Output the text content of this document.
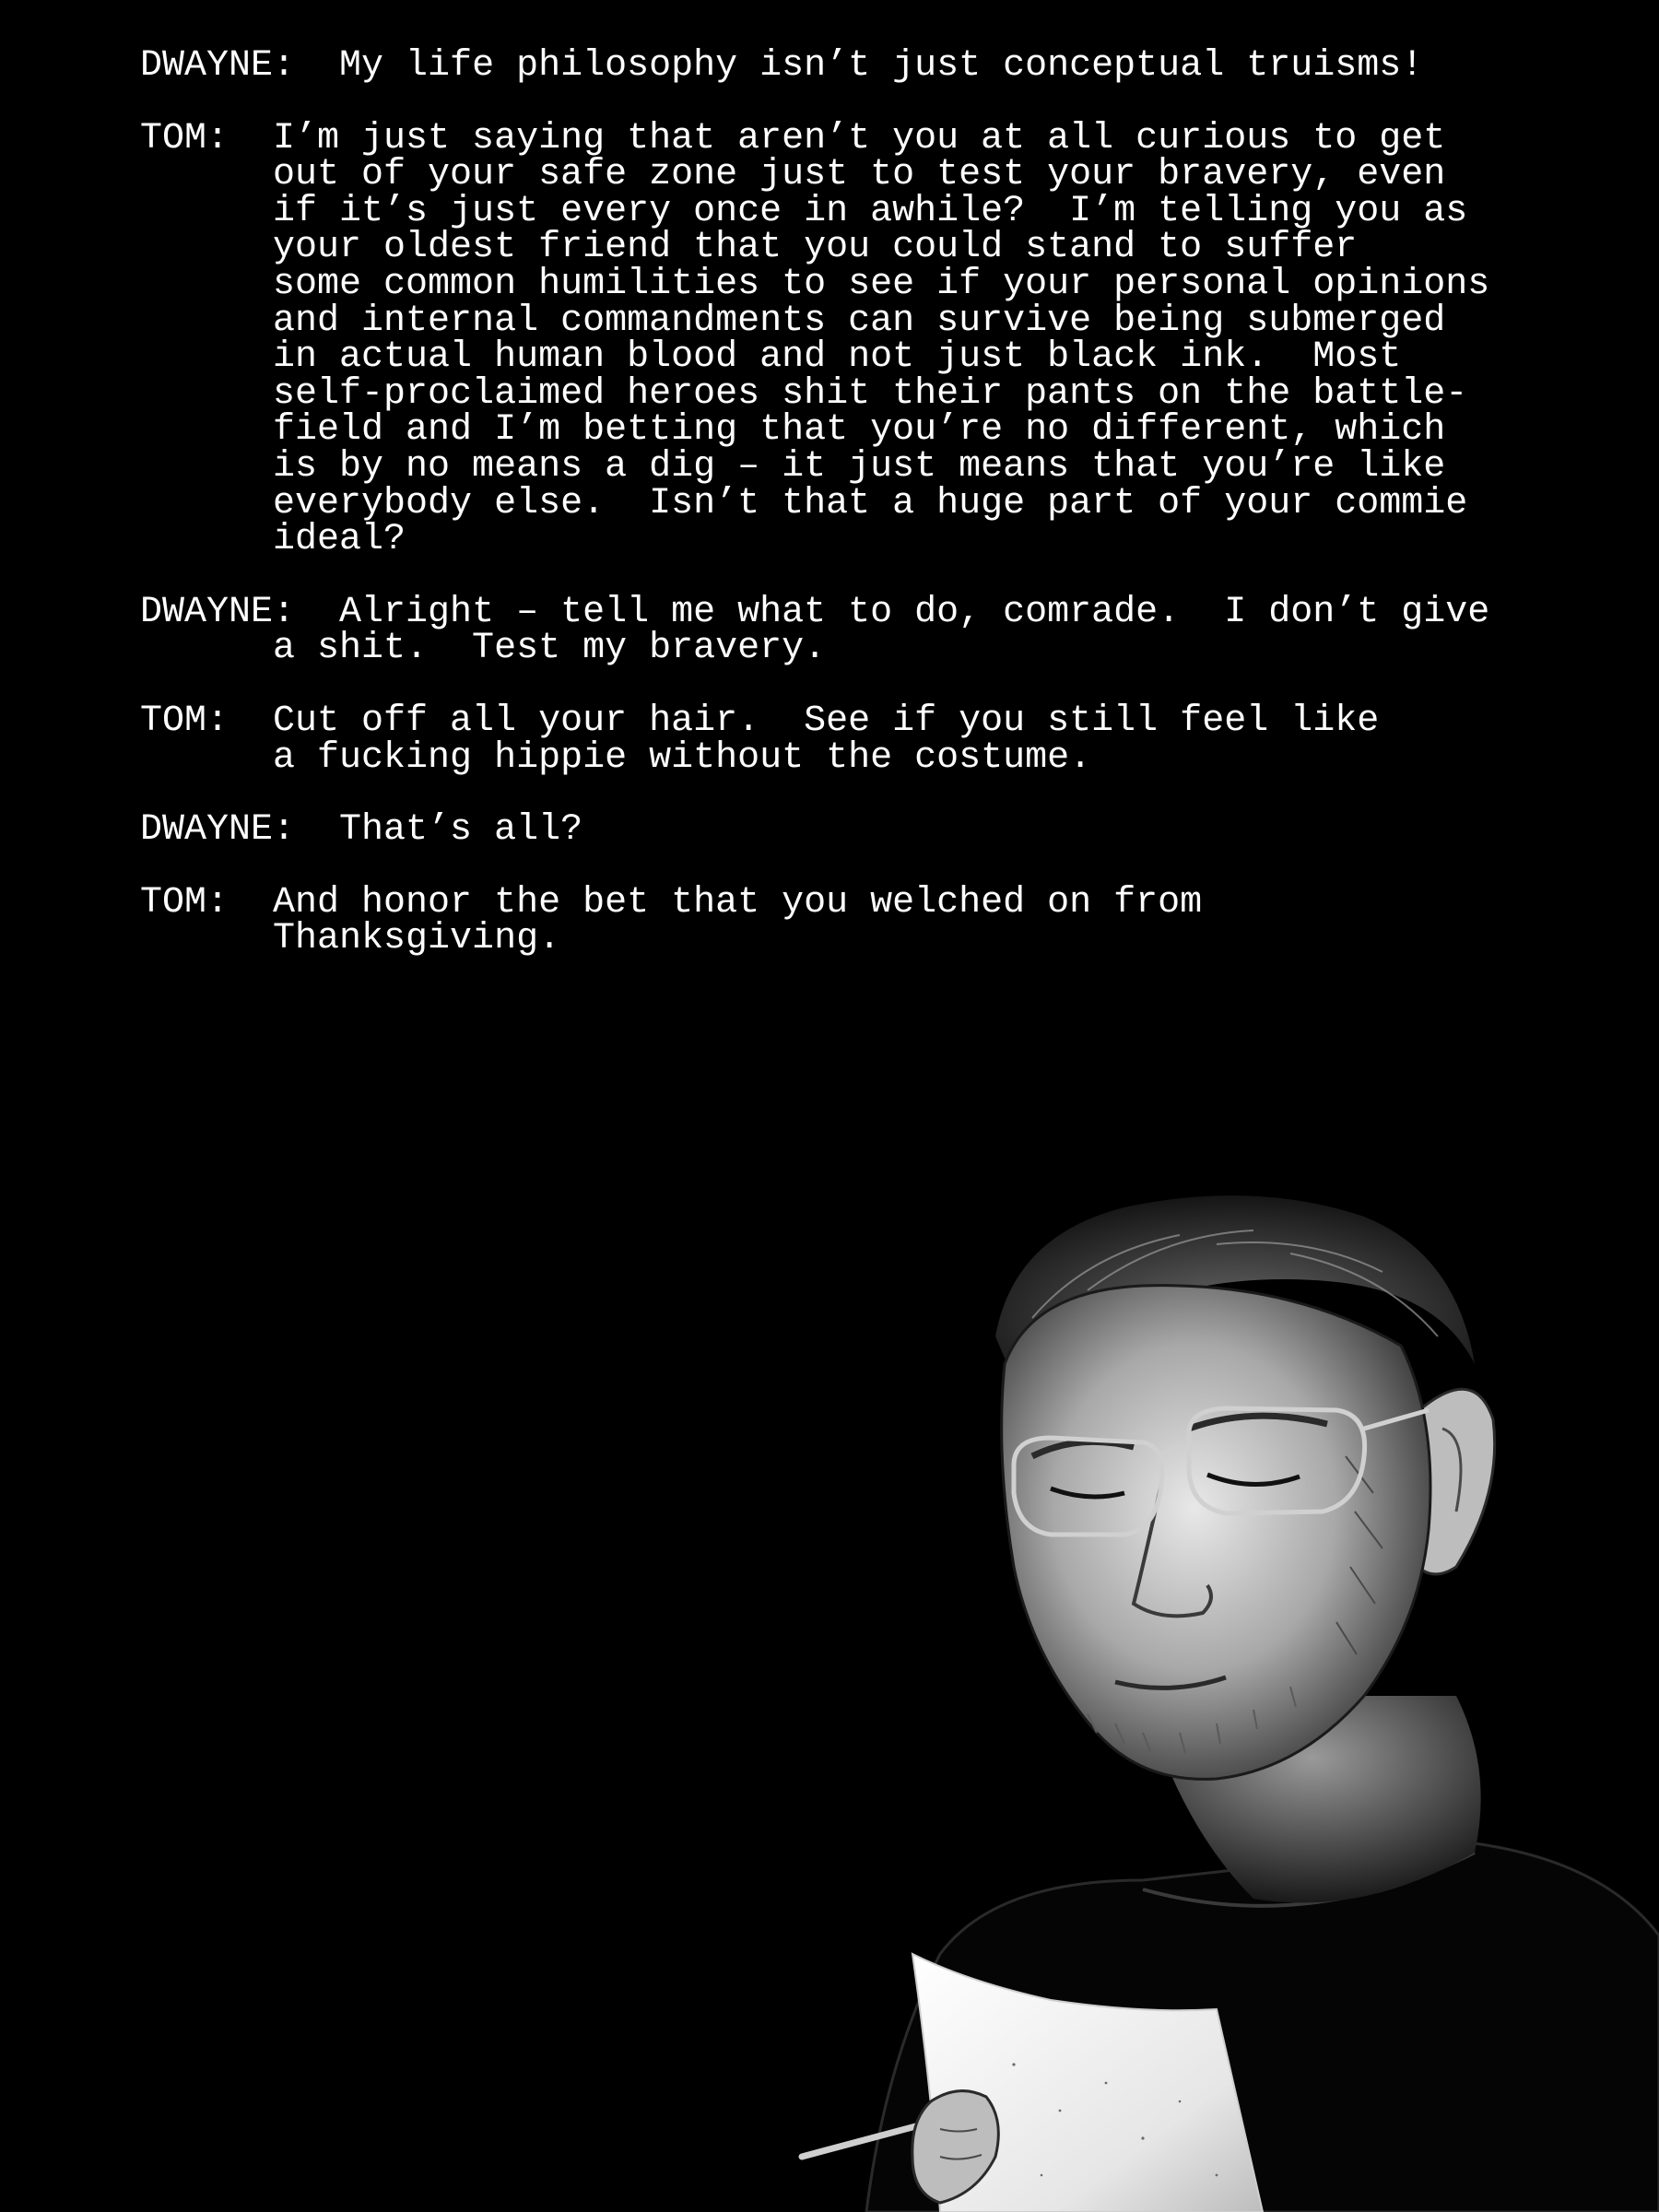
DWAYNE:  My life philosophy isn’t just conceptual truisms!
TOM:  I’m just saying that aren’t you at all curious to get
out of your safe zone just to test your bravery, even
if it’s just every once in awhile?  I’m telling you as
your oldest friend that you could stand to suffer
some common humilities to see if your personal opinions
and internal commandments can survive being submerged
in actual human blood and not just black ink.  Most
self-proclaimed heroes shit their pants on the battle-
field and I’m betting that you’re no different, which
is by no means a dig – it just means that you’re like
everybody else.  Isn’t that a huge part of your commie
ideal?
DWAYNE:  Alright – tell me what to do, comrade.  I don’t give
a shit.  Test my bravery.
TOM:  Cut off all your hair.  See if you still feel like
a fucking hippie without the costume.
DWAYNE:  That’s all?
TOM:  And honor the bet that you welched on from
Thanksgiving.
